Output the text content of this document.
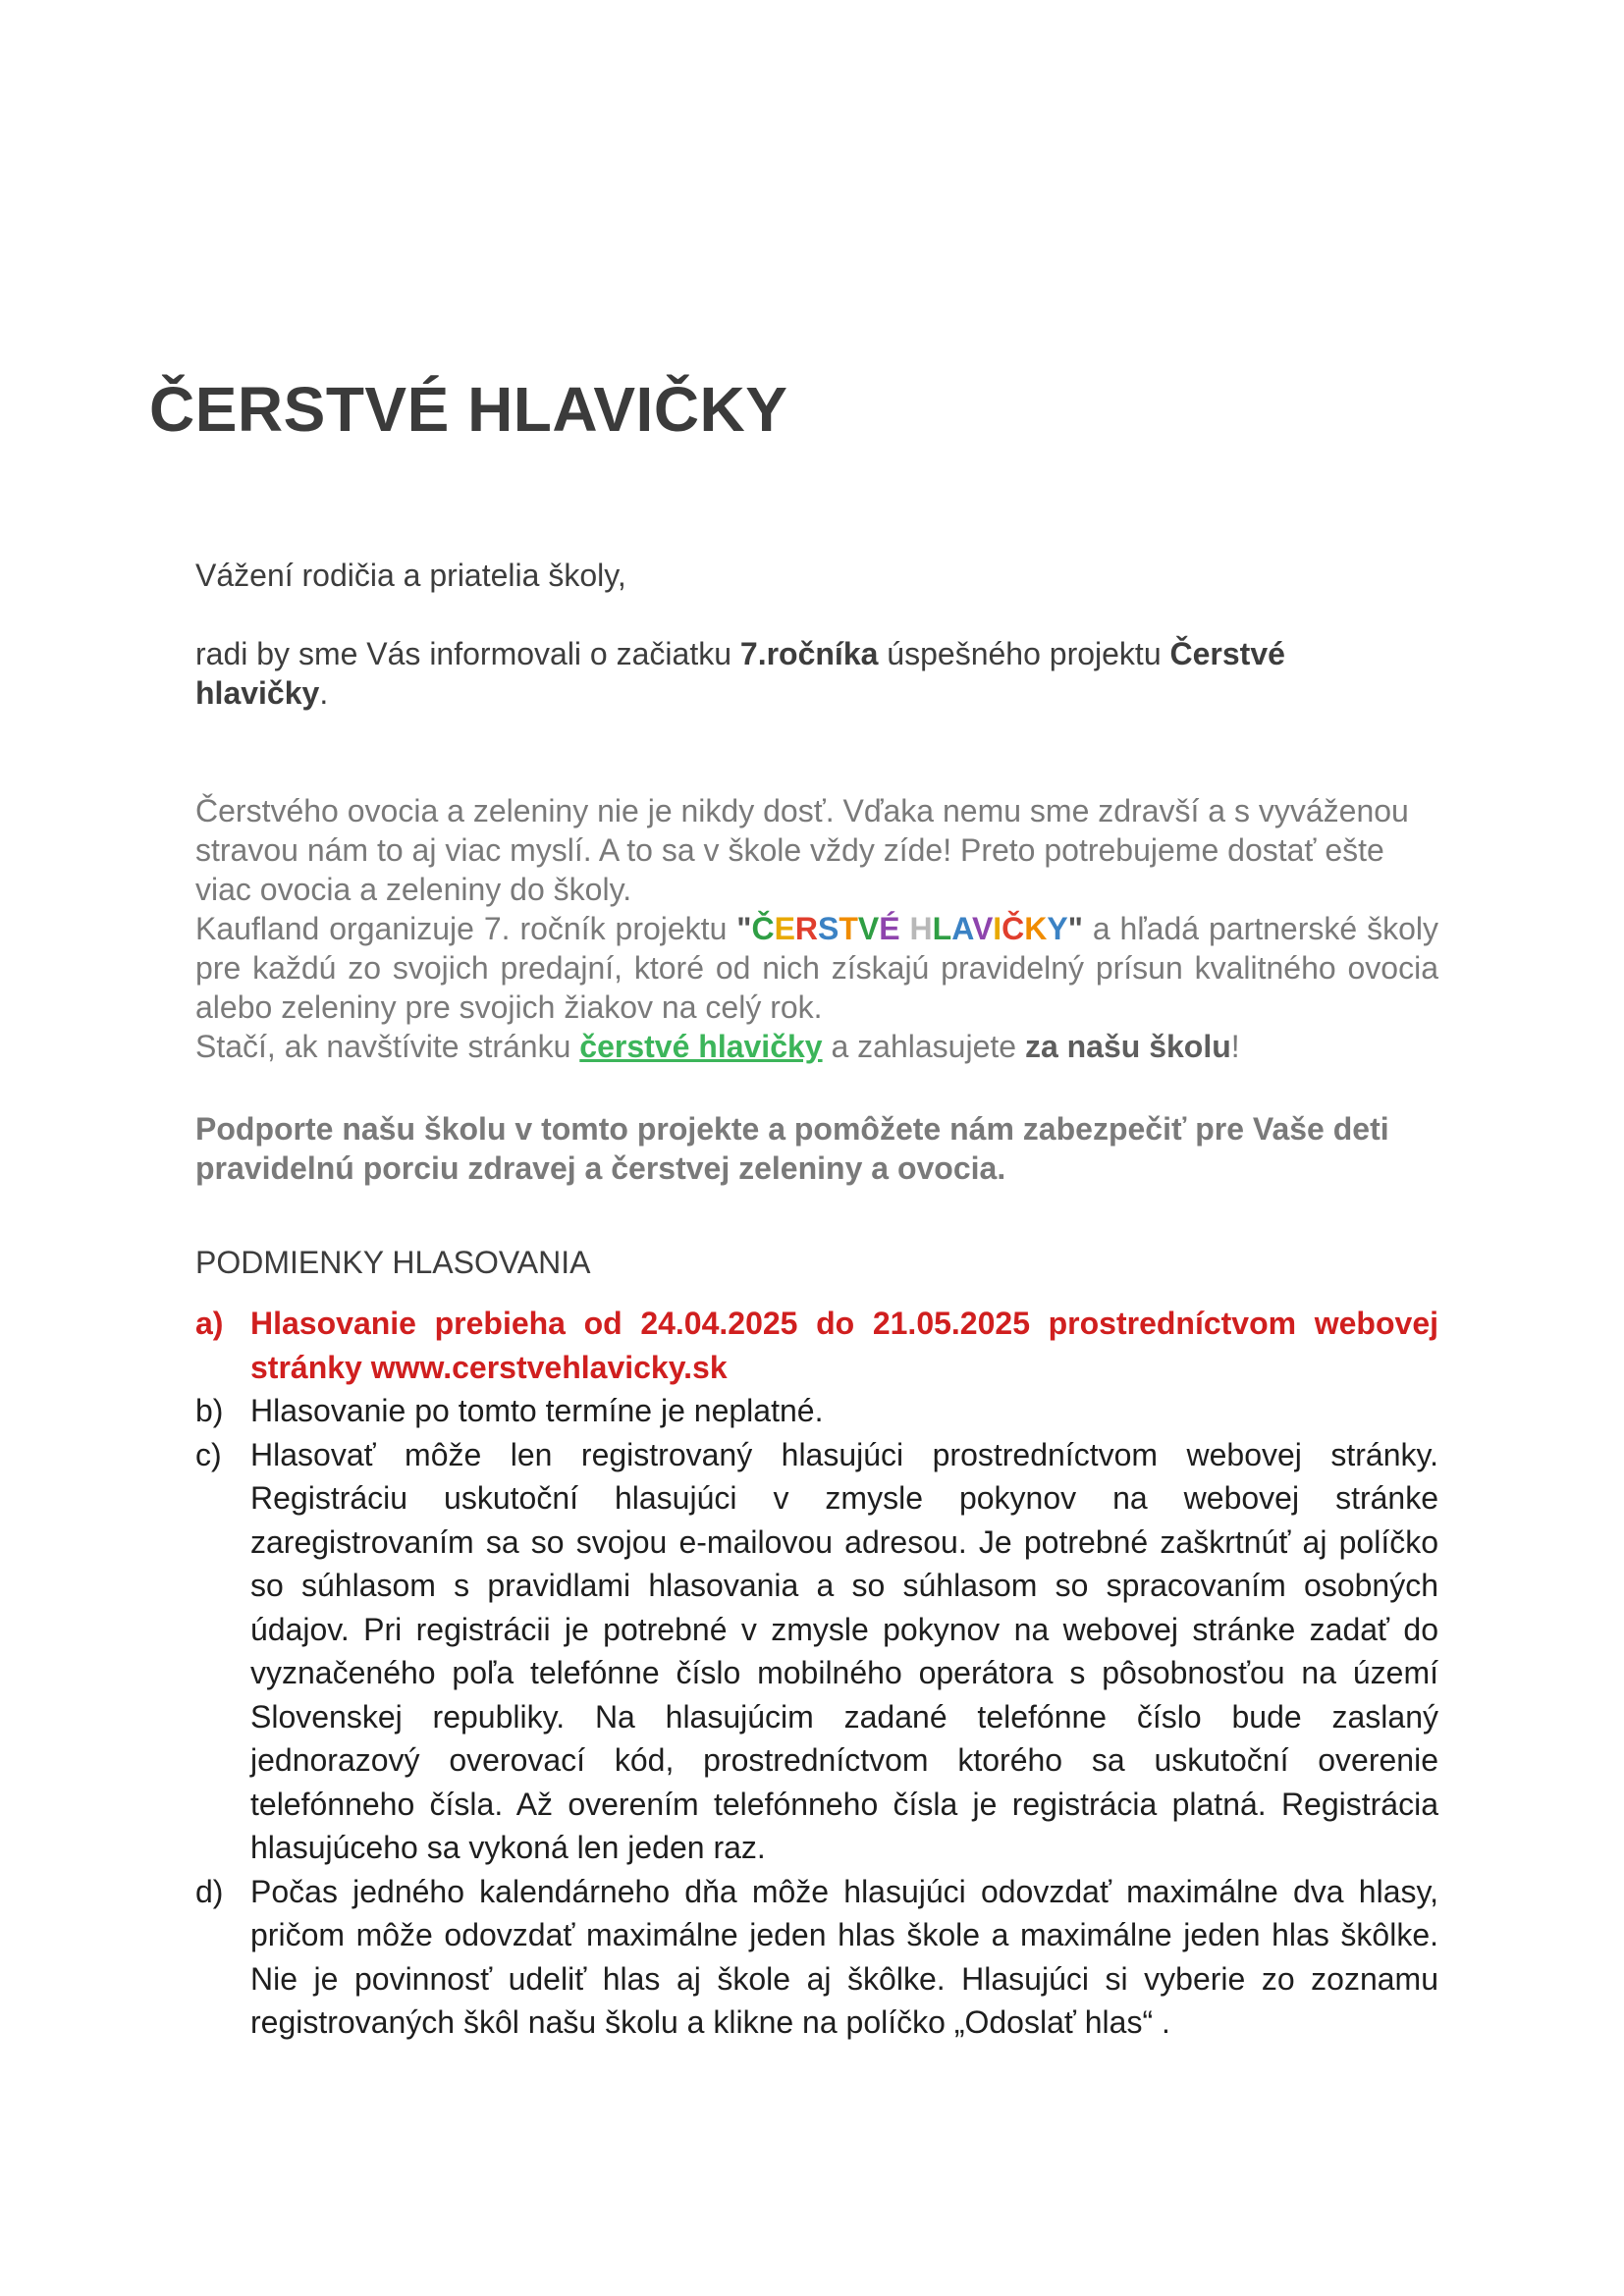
ČERSTVÉ HLAVIČKY

Vážení rodičia a priatelia školy,

radi by sme Vás informovali o začiatku 7.ročníka úspešného projektu Čerstvé hlavičky.

Čerstvého ovocia a zeleniny nie je nikdy dosť. Vďaka nemu sme zdravší a s vyváženou stravou nám to aj viac myslí. A to sa v škole vždy zíde! Preto potrebujeme dostať ešte viac ovocia a zeleniny do školy.
Kaufland organizuje 7. ročník projektu "ČERSTVÉ HLAVIČKY" a hľadá partnerské školy pre každú zo svojich predajní, ktoré od nich získajú pravidelný prísun kvalitného ovocia alebo zeleniny pre svojich žiakov na celý rok.
Stačí, ak navštívite stránku čerstvé hlavičky a zahlasujete za našu školu!

Podporte našu školu v tomto projekte a pomôžete nám zabezpečiť pre Vaše deti pravidelnú porciu zdravej a čerstvej zeleniny a ovocia.

PODMIENKY HLASOVANIA

a) Hlasovanie prebieha od 24.04.2025 do 21.05.2025 prostredníctvom webovej stránky www.cerstvehlavicky.sk
b) Hlasovanie po tomto termíne je neplatné.
c) Hlasovať môže len registrovaný hlasujúci prostredníctvom webovej stránky. Registráciu uskutoční hlasujúci v zmysle pokynov na webovej stránke zaregistrovaním sa so svojou e-mailovou adresou. Je potrebné zaškrtnúť aj políčko so súhlasom s pravidlami hlasovania a so súhlasom so spracovaním osobných údajov. Pri registrácii je potrebné v zmysle pokynov na webovej stránke zadať do vyznačeného poľa telefónne číslo mobilného operátora s pôsobnosťou na území Slovenskej republiky. Na hlasujúcim zadané telefónne číslo bude zaslaný jednorazový overovací kód, prostredníctvom ktorého sa uskutoční overenie telefónneho čísla. Až overením telefónneho čísla je registrácia platná. Registrácia hlasujúceho sa vykoná len jeden raz.
d) Počas jedného kalendárneho dňa môže hlasujúci odovzdať maximálne dva hlasy, pričom môže odovzdať maximálne jeden hlas škole a maximálne jeden hlas škôlke. Nie je povinnosť udeliť hlas aj škole aj škôlke. Hlasujúci si vyberie zo zoznamu registrovaných škôl našu školu a klikne na políčko „Odoslať hlas“ .
